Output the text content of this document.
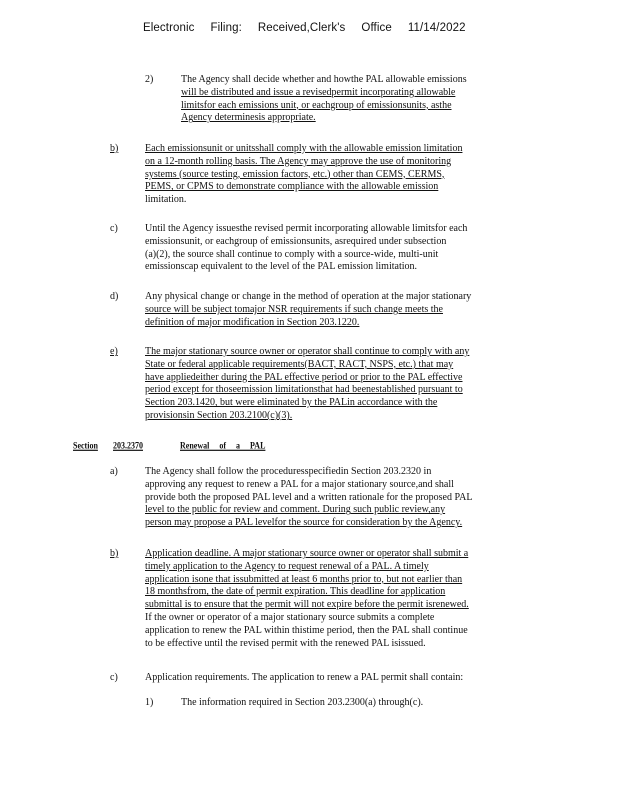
Electronic Filing: Received,Clerk's Office 11/14/2022
2)	The Agency shall decide whether and howthe PAL allowable emissions
will be distributed and issue a revisedpermit incorporating allowable
limitsfor each emissions unit, or eachgroup of emissionsunits, asthe
Agency determinesis appropriate.
b)	Each emissionsunit or unitsshall comply with the allowable emission limitation
on a 12-month rolling basis. The Agency may approve the use of monitoring
systems (source testing, emission factors, etc.) other than CEMS, CERMS,
PEMS, or CPMS to demonstrate compliance with the allowable emission
limitation.
c)	Until the Agency issuesthe revised permit incorporating allowable limitsfor each
emissionsunit, or eachgroup of emissionsunits, asrequired under subsection
(a)(2), the source shall continue to comply with a source-wide, multi-unit
emissionscap equivalent to the level of the PAL emission limitation.
d)	Any physical change or change in the method of operation at the major stationary
source will be subject tomajor NSR requirements if such change meets the
definition of major modification in Section 203.1220.
e)	The major stationary source owner or operator shall continue to comply with any
State or federal applicable requirements(BACT, RACT, NSPS, etc.) that may
have appliedeither during the PAL effective period or prior to the PAL effective
period except for thoseemission limitationsthat had beenestablished pursuant to
Section 203.1420, but were eliminated by the PALin accordance with the
provisionsin Section 203.2100(c)(3).
Section 203.2370	Renewal of a PAL
a)	The Agency shall follow the proceduresspecifiedin Section 203.2320 in
approving any request to renew a PAL for a major stationary source,and shall
provide both the proposed PAL level and a written rationale for the proposed PAL
level to the public for review and comment. During such public review,any
person may propose a PAL levelfor the source for consideration by the Agency.
b)	Application deadline. A major stationary source owner or operator shall submit a
timely application to the Agency to request renewal of a PAL. A timely
application isone that issubmitted at least 6 months prior to, but not earlier than
18 monthsfrom, the date of permit expiration. This deadline for application
submittal is to ensure that the permit will not expire before the permit isrenewed.
If the owner or operator of a major stationary source submits a complete
application to renew the PAL within thistime period, then the PAL shall continue
to be effective until the revised permit with the renewed PAL isissued.
c)	Application requirements. The application to renew a PAL permit shall contain:
1)	The information required in Section 203.2300(a) through(c).
